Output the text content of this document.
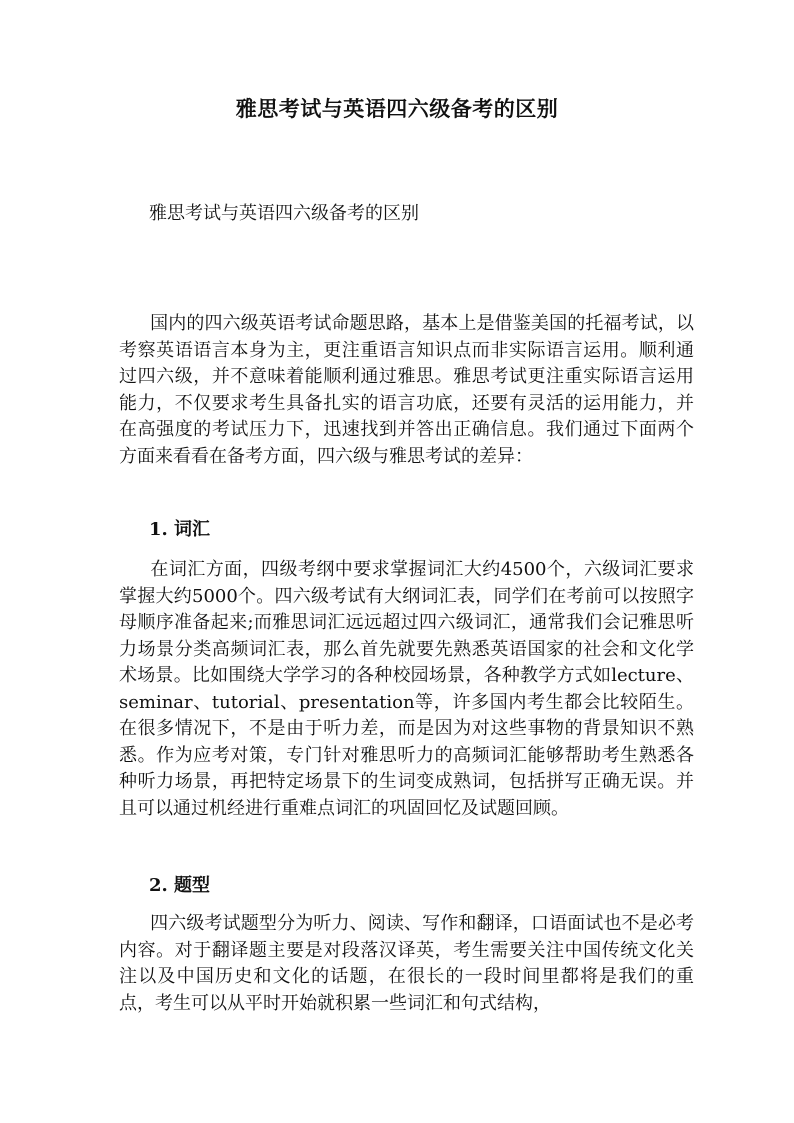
雅思考试与英语四六级备考的区别
雅思考试与英语四六级备考的区别
国内的四六级英语考试命题思路，基本上是借鉴美国的托福考试，以考察英语语言本身为主，更注重语言知识点而非实际语言运用。顺利通过四六级，并不意味着能顺利通过雅思。雅思考试更注重实际语言运用能力，不仅要求考生具备扎实的语言功底，还要有灵活的运用能力，并在高强度的考试压力下，迅速找到并答出正确信息。我们通过下面两个方面来看看在备考方面，四六级与雅思考试的差异：
1. 词汇
在词汇方面，四级考纲中要求掌握词汇大约4500个，六级词汇要求掌握大约5000个。四六级考试有大纲词汇表，同学们在考前可以按照字母顺序准备起来;而雅思词汇远远超过四六级词汇，通常我们会记雅思听力场景分类高频词汇表，那么首先就要先熟悉英语国家的社会和文化学术场景。比如围绕大学学习的各种校园场景，各种教学方式如lecture、seminar、tutorial、presentation等，许多国内考生都会比较陌生。在很多情况下，不是由于听力差，而是因为对这些事物的背景知识不熟悉。作为应考对策，专门针对雅思听力的高频词汇能够帮助考生熟悉各种听力场景，再把特定场景下的生词变成熟词，包括拼写正确无误。并且可以通过机经进行重难点词汇的巩固回忆及试题回顾。
2. 题型
四六级考试题型分为听力、阅读、写作和翻译，口语面试也不是必考内容。对于翻译题主要是对段落汉译英，考生需要关注中国传统文化关注以及中国历史和文化的话题，在很长的一段时间里都将是我们的重点，考生可以从平时开始就积累一些词汇和句式结构，
